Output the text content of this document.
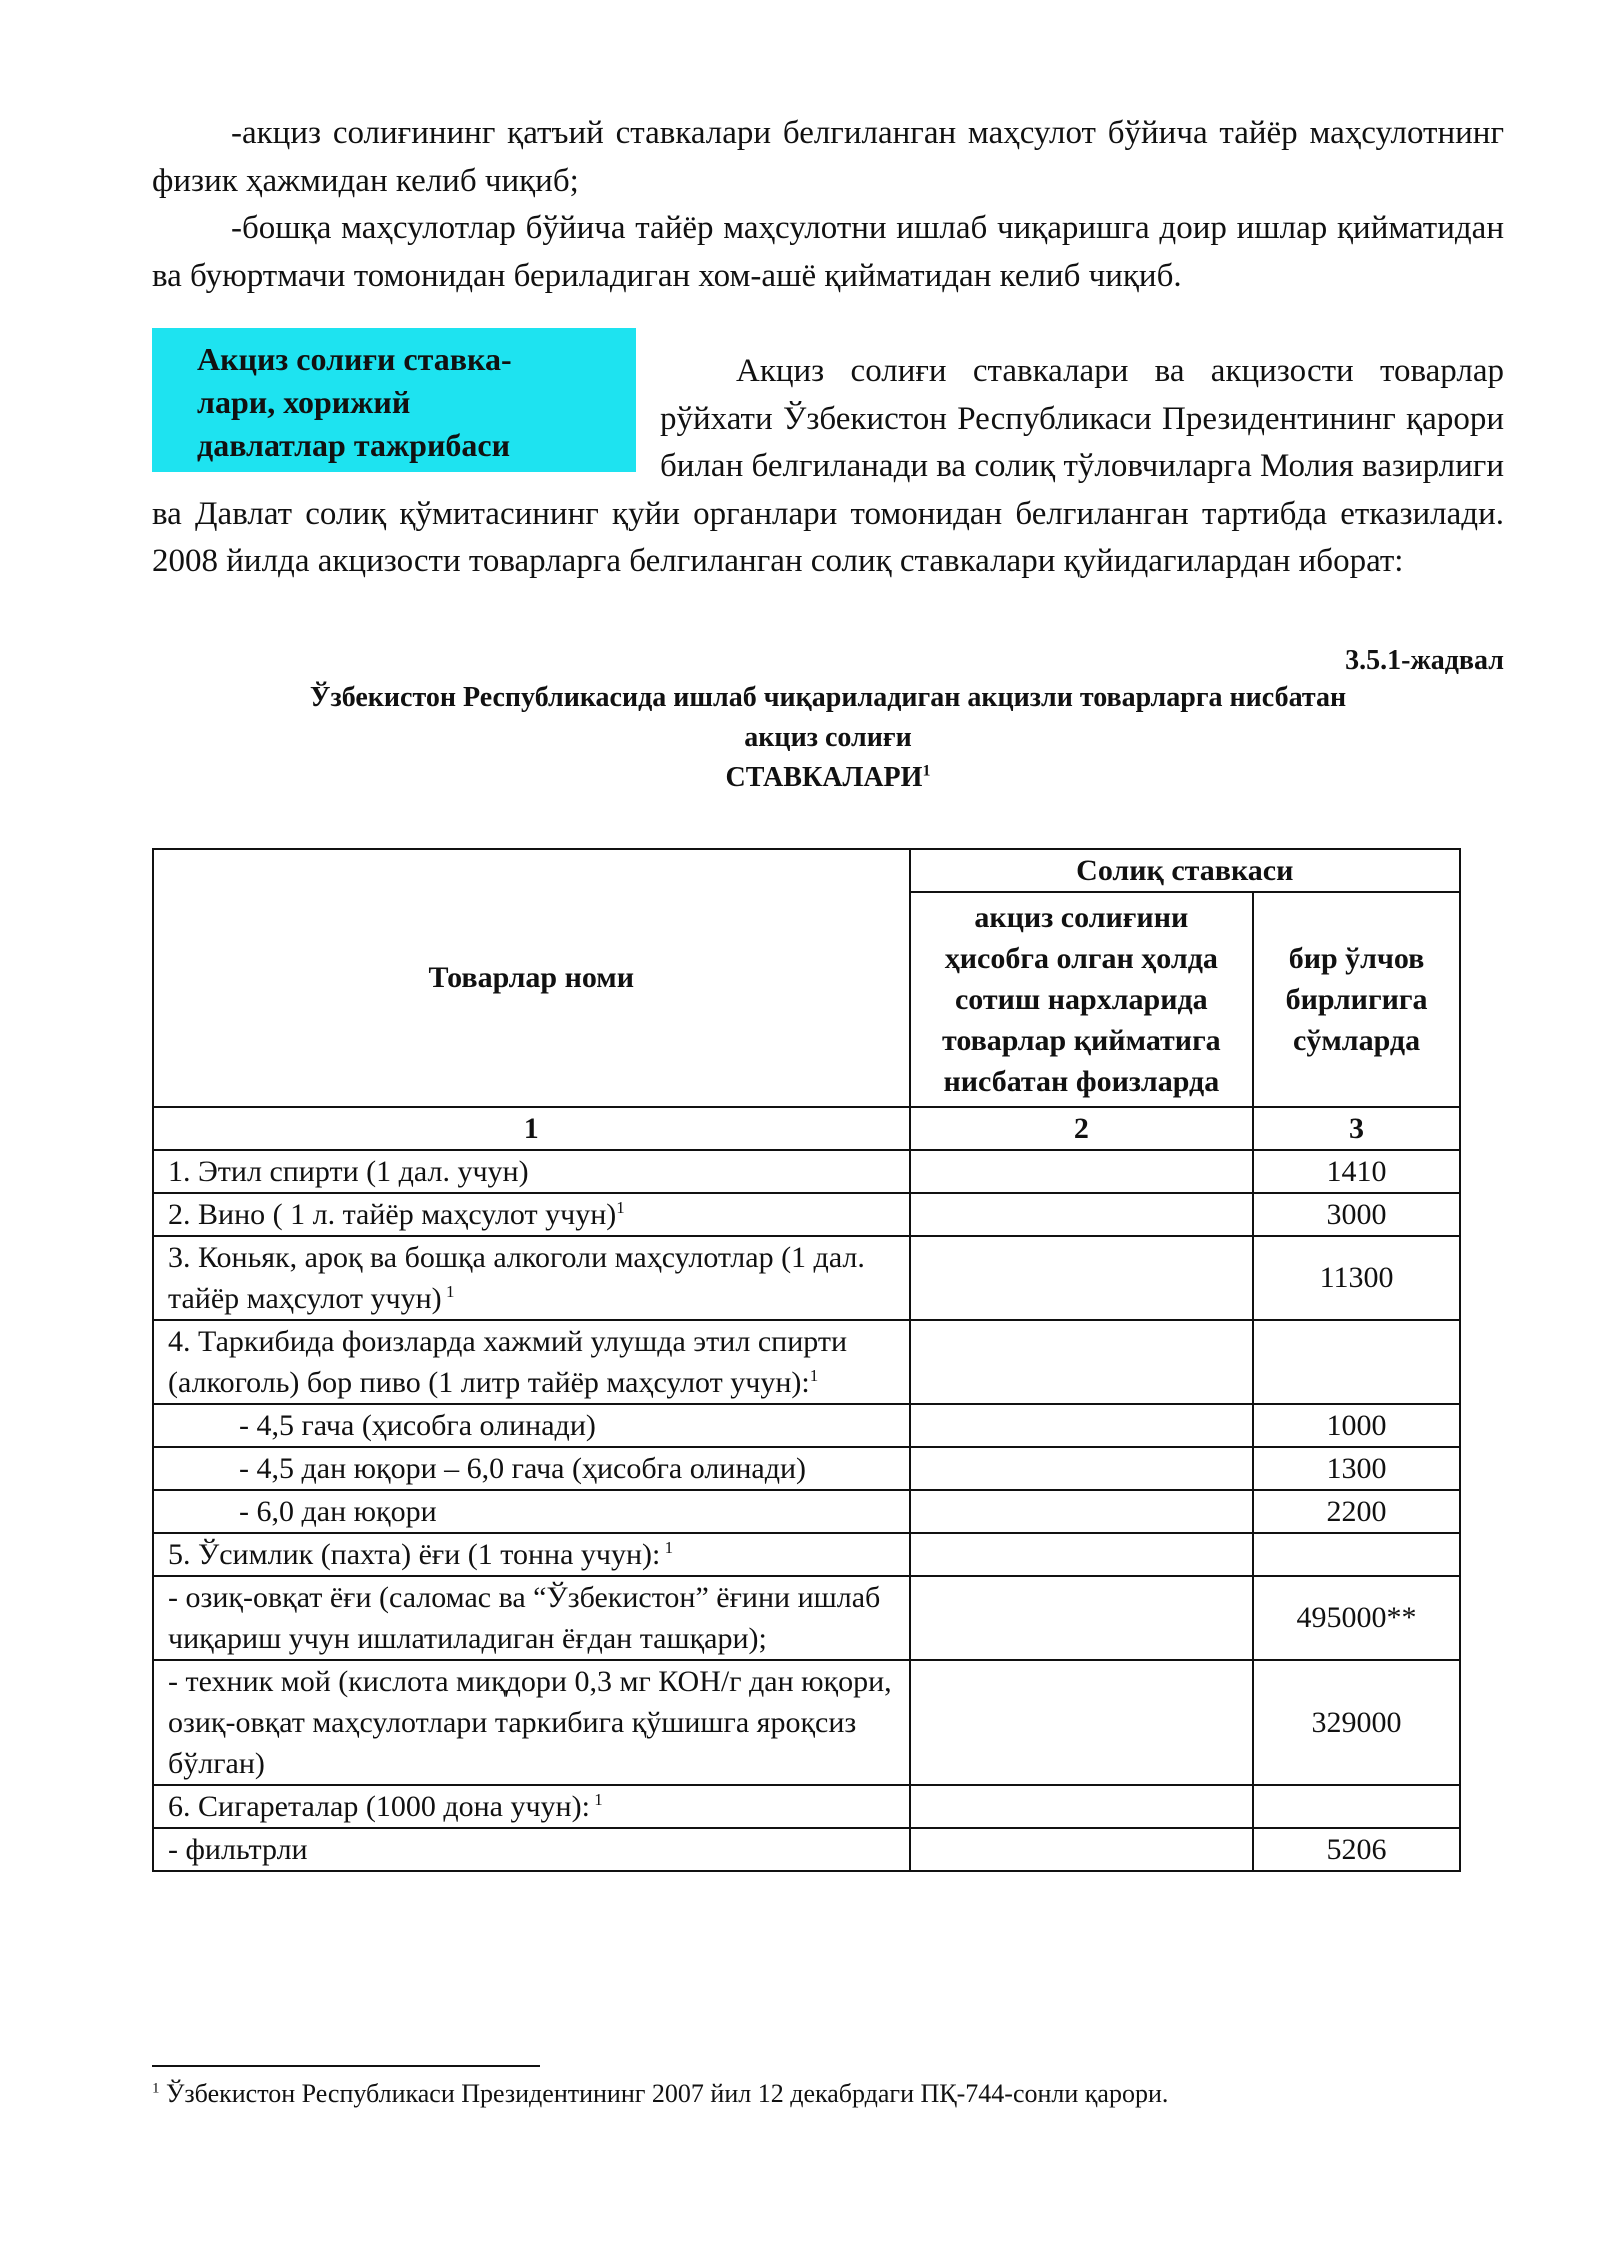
-акциз солиғининг қатъий ставкалари белгиланган маҳсулот бўйича тайёр маҳсулотнинг физик ҳажмидан келиб чиқиб;

-бошқа маҳсулотлар бўйича тайёр маҳсулотни ишлаб чиқаришга доир ишлар қийматидан ва буюртмачи томонидан бериладиган хом-ашё қийматидан келиб чиқиб.

Акциз солиғи ставка-
лари, хорижий
давлатлар тажрибаси

Акциз солиғи ставкалари ва акцизости товарлар рўйхати Ўзбекистон Республикаси Президентининг қарори билан белгиланади ва солиқ тўловчиларга Молия вазирлиги ва Давлат солиқ қўмитасининг қуйи органлари томонидан белгиланган тартибда етказилади. 2008 йилда акцизости товарларга белгиланган солиқ ставкалари қуйидагилардан иборат:

3.5.1-жадвал
Ўзбекистон Республикасида ишлаб чиқариладиган акцизли товарларга нисбатан
акциз солиғи
СТАВКАЛАРИ$^1$
Товарлар номи	Солиқ ставкаси	
	акциз солиғини ҳисобга олган ҳолда сотиш нархларида товарлар қийматига нисбатан фоизларда	бир ўлчов бирлигига сўмларда
1	2	3
1. Этил спирти (1 дал. учун)		1410
2. Вино ( 1 л. тайёр маҳсулот учун)$^1$		3000
3. Коньяк, арoқ ва бошқа алкоголи маҳсулотлар (1 дал. тайёр маҳсулот учун) $^1$		11300
4. Таркибида фоизларда хажмий улушда этил спирти (алкоголь) бор пиво (1 литр тайёр маҳсулот учун):$^1$		
- 4,5 гача (ҳисобга олинади)		1000
- 4,5 дан юқори – 6,0 гача (ҳисобга олинади)		1300
- 6,0 дан юқори		2200
5. Ўсимлик (пахта) ёғи (1 тонна учун): $^1$		
- озиқ-овқат ёғи (саломас ва “Ўзбекистон” ёғини ишлаб чиқариш учун ишлатиладиган ёғдан ташқари);		495000**
- техник мой (кислота миқдори 0,3 мг КОН/г дан юқори, озиқ-овқат маҳсулотлари таркибига қўшишга яроқсиз бўлган)		329000
6. Сигареталар (1000 дона учун): $^1$		
- фильтрли		5206
$^1$ Ўзбекистон Республикаси Президентининг 2007 йил 12 декабрдаги ПҚ-744-сонли қарори.
